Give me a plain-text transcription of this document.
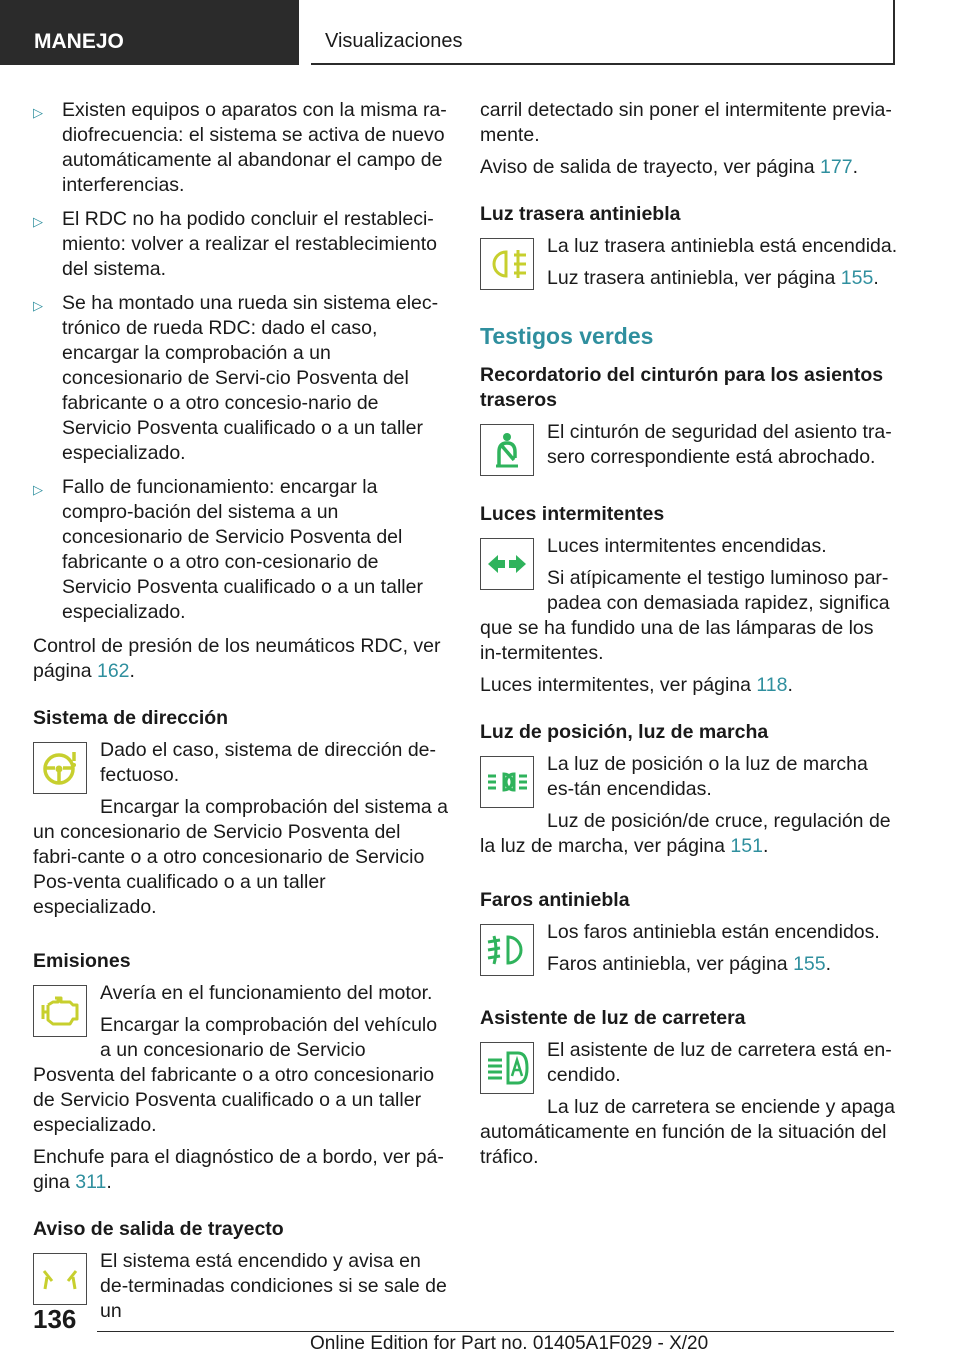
MANEJO	Visualizaciones
▷ Existen equipos o aparatos con la misma ra-diofrecuencia: el sistema se activa de nuevo automáticamente al abandonar el campo de interferencias.
▷ El RDC no ha podido concluir el restableci-miento: volver a realizar el restablecimiento del sistema.
▷ Se ha montado una rueda sin sistema elec-trónico de rueda RDC: dado el caso, encargar la comprobación a un concesionario de Servi-cio Posventa del fabricante o a otro concesio-nario de Servicio Posventa cualificado o a un taller especializado.
▷ Fallo de funcionamiento: encargar la compro-bación del sistema a un concesionario de Servicio Posventa del fabricante o a otro con-cesionario de Servicio Posventa cualificado o a un taller especializado.

Control de presión de los neumáticos RDC, ver página 162.

Sistema de dirección

Dado el caso, sistema de dirección de-fectuoso.

Encargar la comprobación del sistema a un concesionario de Servicio Posventa del fabri-cante o a otro concesionario de Servicio Pos-venta cualificado o a un taller especializado.

Emisiones

Avería en el funcionamiento del motor.

Encargar la comprobación del vehículo a un concesionario de Servicio Posventa del fabricante o a otro concesionario de Servicio Posventa cualificado o a un taller especializado.

Enchufe para el diagnóstico de a bordo, ver pá-gina 311.

Aviso de salida de trayecto

El sistema está encendido y avisa en de-terminadas condiciones si se sale de un

carril detectado sin poner el intermitente previa-mente.

Aviso de salida de trayecto, ver página 177.

Luz trasera antiniebla

La luz trasera antiniebla está encendida.

Luz trasera antiniebla, ver página 155.

Testigos verdes
Recordatorio del cinturón para los asientos traseros

El cinturón de seguridad del asiento tra-sero correspondiente está abrochado.

Luces intermitentes

Luces intermitentes encendidas.

Si atípicamente el testigo luminoso par-padea con demasiada rapidez, significa que se ha fundido una de las lámparas de los in-termitentes.

Luces intermitentes, ver página 118.

Luz de posición, luz de marcha

La luz de posición o la luz de marcha es-tán encendidas.

Luz de posición/de cruce, regulación de la luz de marcha, ver página 151.

Faros antiniebla

Los faros antiniebla están encendidos.

Faros antiniebla, ver página 155.

Asistente de luz de carretera

El asistente de luz de carretera está en-cendido.

La luz de carretera se enciende y apaga automáticamente en función de la situación del tráfico.

136
Online Edition for Part no. 01405A1F029 - X/20
